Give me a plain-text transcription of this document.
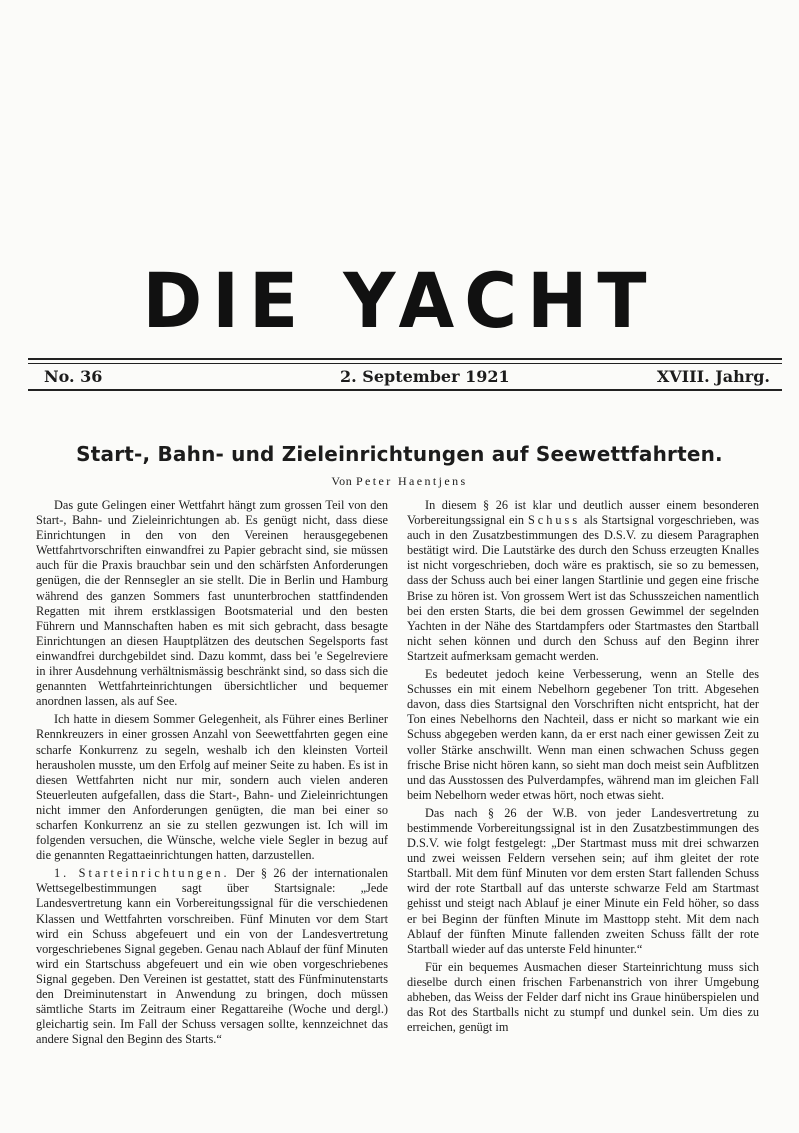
DIE YACHT
No. 36	2. September 1921	XVIII. Jahrg.
Start-, Bahn- und Zieleinrichtungen auf Seewettfahrten.
Von Peter Haentjens

Das gute Gelingen einer Wettfahrt hängt zum grossen Teil von den Start-, Bahn- und Zieleinrichtungen ab. Es genügt nicht, dass diese Einrichtungen in den von den Vereinen herausgegebenen Wettfahrtvorschriften einwandfrei zu Papier gebracht sind, sie müssen auch für die Praxis brauchbar sein und den schärfsten Anforderungen genügen, die der Rennsegler an sie stellt. Die in Berlin und Hamburg während des ganzen Sommers fast ununterbrochen stattfindenden Regatten mit ihrem erstklassigen Bootsmaterial und den besten Führern und Mannschaften haben es mit sich gebracht, dass besagte Einrichtungen an diesen Hauptplätzen des deutschen Segelsports fast einwandfrei durchgebildet sind. Dazu kommt, dass bei 'e Segelreviere in ihrer Ausdehnung verhältnismässig beschränkt sind, so dass sich die genannten Wettfahrteinrichtungen übersichtlicher und bequemer anordnen lassen, als auf See.

Ich hatte in diesem Sommer Gelegenheit, als Führer eines Berliner Rennkreuzers in einer grossen Anzahl von Seewettfahrten gegen eine scharfe Konkurrenz zu segeln, weshalb ich den kleinsten Vorteil herausholen musste, um den Erfolg auf meiner Seite zu haben. Es ist in diesen Wettfahrten nicht nur mir, sondern auch vielen anderen Steuerleuten aufgefallen, dass die Start-, Bahn- und Zieleinrichtungen nicht immer den Anforderungen genügten, die man bei einer so scharfen Konkurrenz an sie zu stellen gezwungen ist. Ich will im folgenden versuchen, die Wünsche, welche viele Segler in bezug auf die genannten Regattaeinrichtungen hatten, darzustellen.

1. Starteinrichtungen. Der § 26 der internationalen Wettsegelbestimmungen sagt über Startsignale: „Jede Landesvertretung kann ein Vorbereitungssignal für die verschiedenen Klassen und Wettfahrten vorschreiben. Fünf Minuten vor dem Start wird ein Schuss abgefeuert und ein von der Landesvertretung vorgeschriebenes Signal gegeben. Genau nach Ablauf der fünf Minuten wird ein Startschuss abgefeuert und ein wie oben vorgeschriebenes Signal gegeben. Den Vereinen ist gestattet, statt des Fünfminutenstarts den Dreiminutenstart in Anwendung zu bringen, doch müssen sämtliche Starts im Zeitraum einer Regattareihe (Woche und dergl.) gleichartig sein. Im Fall der Schuss versagen sollte, kennzeichnet das andere Signal den Beginn des Starts.“

In diesem § 26 ist klar und deutlich ausser einem besonderen Vorbereitungssignal ein Schuss als Startsignal vorgeschrieben, was auch in den Zusatzbestimmungen des D.S.V. zu diesem Paragraphen bestätigt wird. Die Lautstärke des durch den Schuss erzeugten Knalles ist nicht vorgeschrieben, doch wäre es praktisch, sie so zu bemessen, dass der Schuss auch bei einer langen Startlinie und gegen eine frische Brise zu hören ist. Von grossem Wert ist das Schusszeichen namentlich bei den ersten Starts, die bei dem grossen Gewimmel der segelnden Yachten in der Nähe des Startdampfers oder Startmastes den Startball nicht sehen können und durch den Schuss auf den Beginn ihrer Startzeit aufmerksam gemacht werden.

Es bedeutet jedoch keine Verbesserung, wenn an Stelle des Schusses ein mit einem Nebelhorn gegebener Ton tritt. Abgesehen davon, dass dies Startsignal den Vorschriften nicht entspricht, hat der Ton eines Nebelhorns den Nachteil, dass er nicht so markant wie ein Schuss abgegeben werden kann, da er erst nach einer gewissen Zeit zu voller Stärke anschwillt. Wenn man einen schwachen Schuss gegen frische Brise nicht hören kann, so sieht man doch meist sein Aufblitzen und das Ausstossen des Pulverdampfes, während man im gleichen Fall beim Nebelhorn weder etwas hört, noch etwas sieht.

Das nach § 26 der W.B. von jeder Landesvertretung zu bestimmende Vorbereitungssignal ist in den Zusatzbestimmungen des D.S.V. wie folgt festgelegt: „Der Startmast muss mit drei schwarzen und zwei weissen Feldern versehen sein; auf ihm gleitet der rote Startball. Mit dem fünf Minuten vor dem ersten Start fallenden Schuss wird der rote Startball auf das unterste schwarze Feld am Startmast gehisst und steigt nach Ablauf je einer Minute ein Feld höher, so dass er bei Beginn der fünften Minute im Masttopp steht. Mit dem nach Ablauf der fünften Minute fallenden zweiten Schuss fällt der rote Startball wieder auf das unterste Feld hinunter.“

Für ein bequemes Ausmachen dieser Starteinrichtung muss sich dieselbe durch einen frischen Farbenanstrich von ihrer Umgebung abheben, das Weiss der Felder darf nicht ins Graue hinüberspielen und das Rot des Startballs nicht zu stumpf und dunkel sein. Um dies zu erreichen, genügt im
